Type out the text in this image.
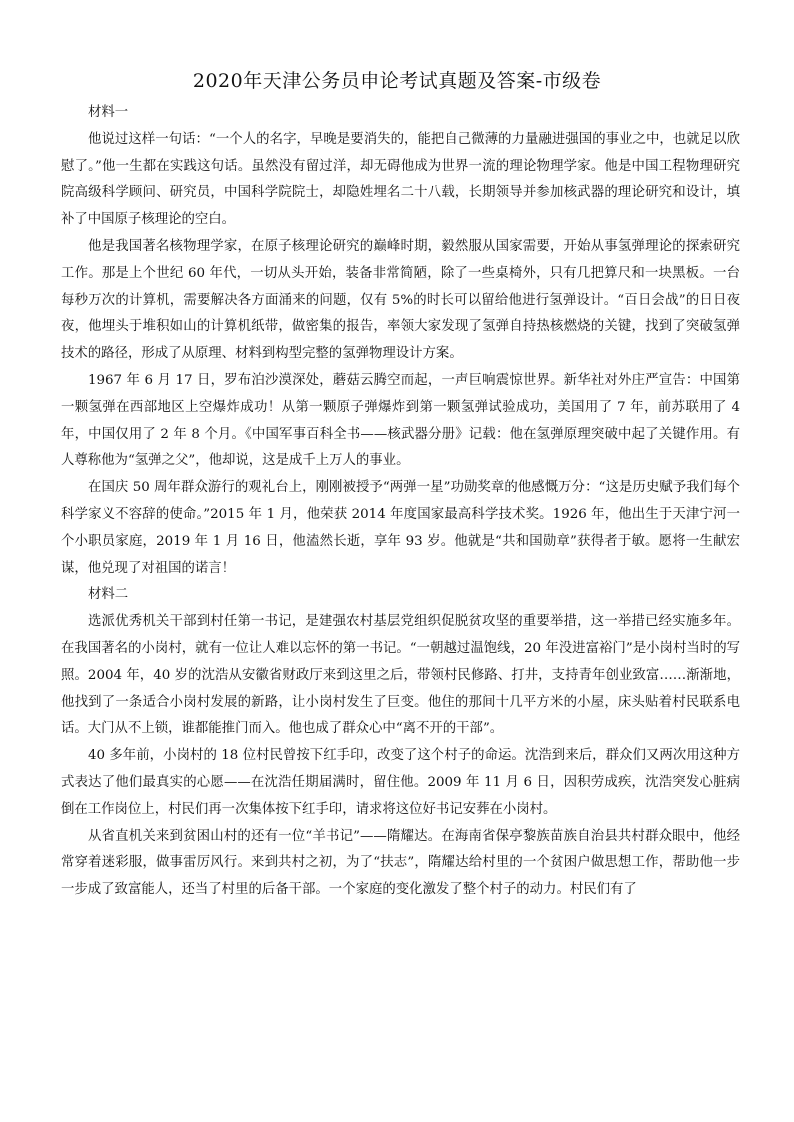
2020年天津公务员申论考试真题及答案-市级卷

材料一

他说过这样一句话：“一个人的名字，早晚是要消失的，能把自己微薄的力量融进强国的事业之中，也就足以欣慰了。”他一生都在实践这句话。虽然没有留过洋，却无碍他成为世界一流的理论物理学家。他是中国工程物理研究院高级科学顾问、研究员，中国科学院院士，却隐姓埋名二十八载，长期领导并参加核武器的理论研究和设计，填补了中国原子核理论的空白。

他是我国著名核物理学家，在原子核理论研究的巅峰时期，毅然服从国家需要，开始从事氢弹理论的探索研究工作。那是上个世纪 60 年代，一切从头开始，装备非常简陋，除了一些桌椅外，只有几把算尺和一块黑板。一台每秒万次的计算机，需要解决各方面涌来的问题，仅有 5%的时长可以留给他进行氢弹设计。“百日会战”的日日夜夜，他埋头于堆积如山的计算机纸带，做密集的报告，率领大家发现了氢弹自持热核燃烧的关键，找到了突破氢弹技术的路径，形成了从原理、材料到构型完整的氢弹物理设计方案。

1967 年 6 月 17 日，罗布泊沙漠深处，蘑菇云腾空而起，一声巨响震惊世界。新华社对外庄严宣告：中国第一颗氢弹在西部地区上空爆炸成功！从第一颗原子弹爆炸到第一颗氢弹试验成功，美国用了 7 年，前苏联用了 4 年，中国仅用了 2 年 8 个月。《中国军事百科全书——核武器分册》记载：他在氢弹原理突破中起了关键作用。有人尊称他为“氢弹之父”，他却说，这是成千上万人的事业。

在国庆 50 周年群众游行的观礼台上，刚刚被授予“两弹一星”功勋奖章的他感慨万分：“这是历史赋予我们每个科学家义不容辞的使命。”2015 年 1 月，他荣获 2014 年度国家最高科学技术奖。1926 年，他出生于天津宁河一个小职员家庭，2019 年 1 月 16 日，他溘然长逝，享年 93 岁。他就是“共和国勋章”获得者于敏。愿将一生献宏谋，他兑现了对祖国的诺言！

材料二

选派优秀机关干部到村任第一书记，是建强农村基层党组织促脱贫攻坚的重要举措，这一举措已经实施多年。在我国著名的小岗村，就有一位让人难以忘怀的第一书记。“一朝越过温饱线，20 年没进富裕门”是小岗村当时的写照。2004 年，40 岁的沈浩从安徽省财政厅来到这里之后，带领村民修路、打井，支持青年创业致富……渐渐地，他找到了一条适合小岗村发展的新路，让小岗村发生了巨变。他住的那间十几平方米的小屋，床头贴着村民联系电话。大门从不上锁，谁都能推门而入。他也成了群众心中“离不开的干部”。

40 多年前，小岗村的 18 位村民曾按下红手印，改变了这个村子的命运。沈浩到来后，群众们又两次用这种方式表达了他们最真实的心愿——在沈浩任期届满时，留住他。2009 年 11 月 6 日，因积劳成疾，沈浩突发心脏病倒在工作岗位上，村民们再一次集体按下红手印，请求将这位好书记安葬在小岗村。

从省直机关来到贫困山村的还有一位“羊书记”——隋耀达。在海南省保亭黎族苗族自治县共村群众眼中，他经常穿着迷彩服，做事雷厉风行。来到共村之初，为了“扶志”，隋耀达给村里的一个贫困户做思想工作，帮助他一步一步成了致富能人，还当了村里的后备干部。一个家庭的变化激发了整个村子的动力。村民们有了
